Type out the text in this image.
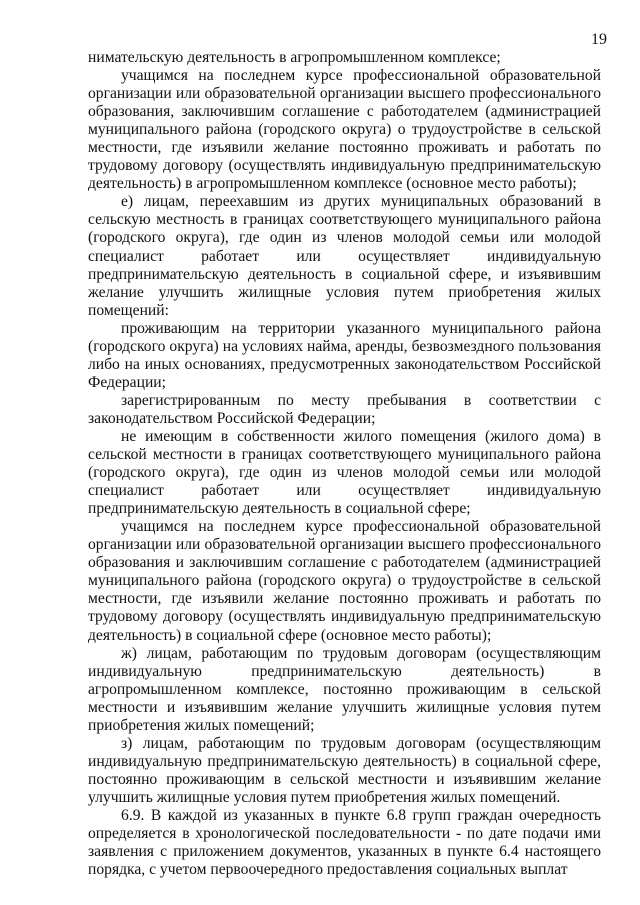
19

нимательскую деятельность в агропромышленном комплексе;

учащимся на последнем курсе профессиональной образовательной организации или образовательной организации высшего профессионального образования, заключившим соглашение с работодателем (администрацией муниципального района (городского округа) о трудоустройстве в сельской местности, где изъявили желание постоянно проживать и работать по трудовому договору (осуществлять индивидуальную предпринимательскую деятельность) в агропромышленном комплексе (основное место работы);

е) лицам, переехавшим из других муниципальных образований в сельскую местность в границах соответствующего муниципального района (городского округа), где один из членов молодой семьи или молодой специалист работает или осуществляет индивидуальную предпринимательскую деятельность в социальной сфере, и изъявившим желание улучшить жилищные условия путем приобретения жилых помещений:

проживающим на территории указанного муниципального района (городского округа) на условиях найма, аренды, безвозмездного пользования либо на иных основаниях, предусмотренных законодательством Российской Федерации;

зарегистрированным по месту пребывания в соответствии с законодательством Российской Федерации;

не имеющим в собственности жилого помещения (жилого дома) в сельской местности в границах соответствующего муниципального района (городского округа), где один из членов молодой семьи или молодой специалист работает или осуществляет индивидуальную предпринимательскую деятельность в социальной сфере;

учащимся на последнем курсе профессиональной образовательной организации или образовательной организации высшего профессионального образования и заключившим соглашение с работодателем (администрацией муниципального района (городского округа) о трудоустройстве в сельской местности, где изъявили желание постоянно проживать и работать по трудовому договору (осуществлять индивидуальную предпринимательскую деятельность) в социальной сфере (основное место работы);

ж) лицам, работающим по трудовым договорам (осуществляющим индивидуальную предпринимательскую деятельность) в агропромышленном комплексе, постоянно проживающим в сельской местности и изъявившим желание улучшить жилищные условия путем приобретения жилых помещений;

з) лицам, работающим по трудовым договорам (осуществляющим индивидуальную предпринимательскую деятельность) в социальной сфере, постоянно проживающим в сельской местности и изъявившим желание улучшить жилищные условия путем приобретения жилых помещений.

6.9. В каждой из указанных в пункте 6.8 групп граждан очередность определяется в хронологической последовательности - по дате подачи ими заявления с приложением документов, указанных в пункте 6.4 настоящего порядка, с учетом первоочередного предоставления социальных выплат
